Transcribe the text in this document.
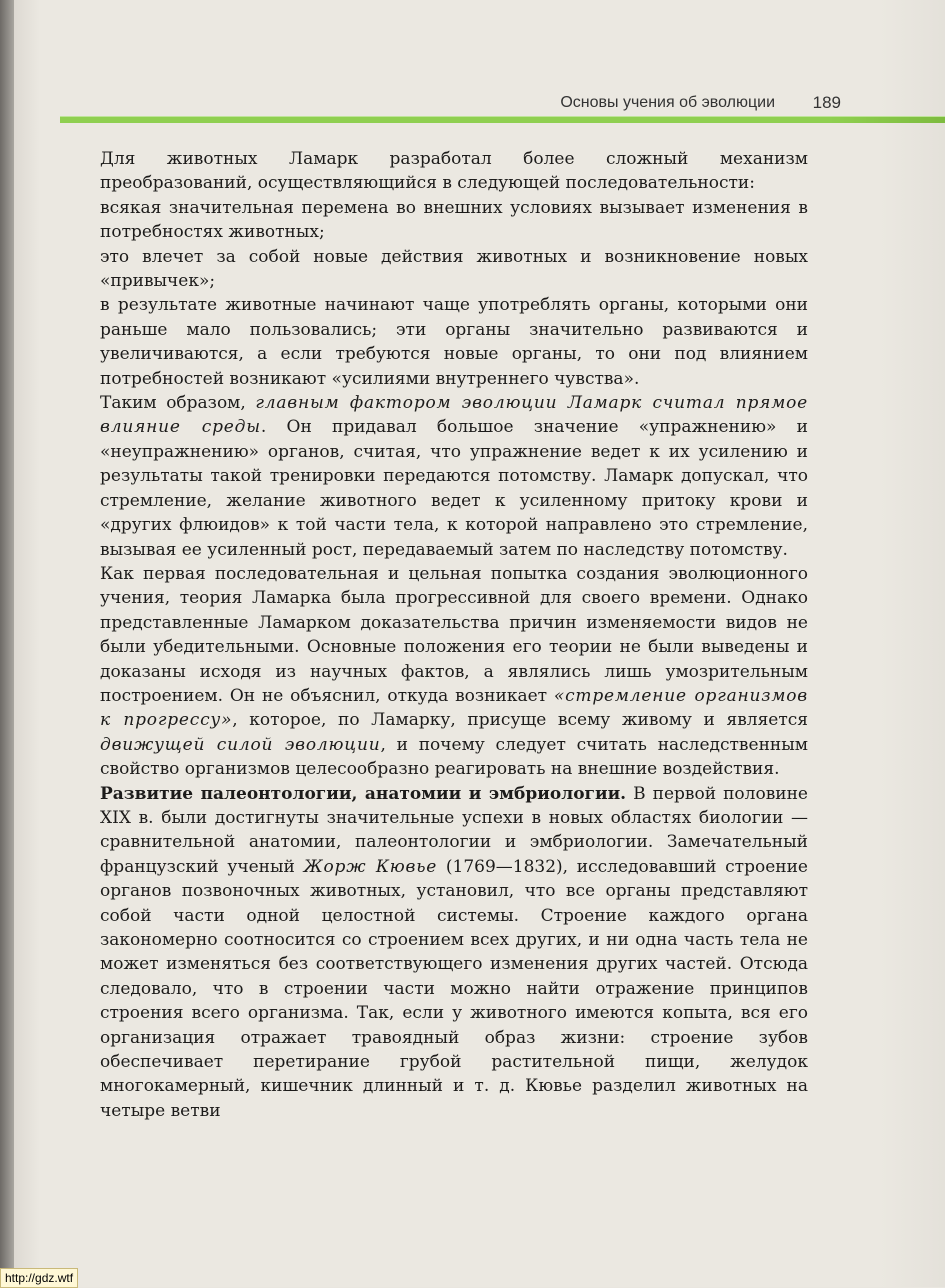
Основы учения об эволюции 189

Для животных Ламарк разработал более сложный механизм преобразований, осуществляющийся в следующей последовательности:

всякая значительная перемена во внешних условиях вызывает изменения в потребностях животных;

это влечет за собой новые действия животных и возникновение новых «привычек»;

в результате животные начинают чаще употреблять органы, которыми они раньше мало пользовались; эти органы значительно развиваются и увеличиваются, а если требуются новые органы, то они под влиянием потребностей возникают «усилиями внутреннего чувства».

Таким образом, главным фактором эволюции Ламарк считал прямое влияние среды. Он придавал большое значение «упражнению» и «неупражнению» органов, считая, что упражнение ведет к их усилению и результаты такой тренировки передаются потомству. Ламарк допускал, что стремление, желание животного ведет к усиленному притоку крови и «других флюидов» к той части тела, к которой направлено это стремление, вызывая ее усиленный рост, передаваемый затем по наследству потомству.

Как первая последовательная и цельная попытка создания эволюционного учения, теория Ламарка была прогрессивной для своего времени. Однако представленные Ламарком доказательства причин изменяемости видов не были убедительными. Основные положения его теории не были выведены и доказаны исходя из научных фактов, а являлись лишь умозрительным построением. Он не объяснил, откуда возникает «стремление организмов к прогрессу», которое, по Ламарку, присуще всему живому и является движущей силой эволюции, и почему следует считать наследственным свойство организмов целесообразно реагировать на внешние воздействия.

Развитие палеонтологии, анатомии и эмбриологии. В первой половине XIX в. были достигнуты значительные успехи в новых областях биологии — сравнительной анатомии, палеонтологии и эмбриологии. Замечательный французский ученый Жорж Кювье (1769—1832), исследовавший строение органов позвоночных животных, установил, что все органы представляют собой части одной целостной системы. Строение каждого органа закономерно соотносится со строением всех других, и ни одна часть тела не может изменяться без соответствующего изменения других частей. Отсюда следовало, что в строении части можно найти отражение принципов строения всего организма. Так, если у животного имеются копыта, вся его организация отражает травоядный образ жизни: строение зубов обеспечивает перетирание грубой растительной пищи, желудок многокамерный, кишечник длинный и т. д. Кювье разделил животных на четыре ветви

http://gdz.wtf
